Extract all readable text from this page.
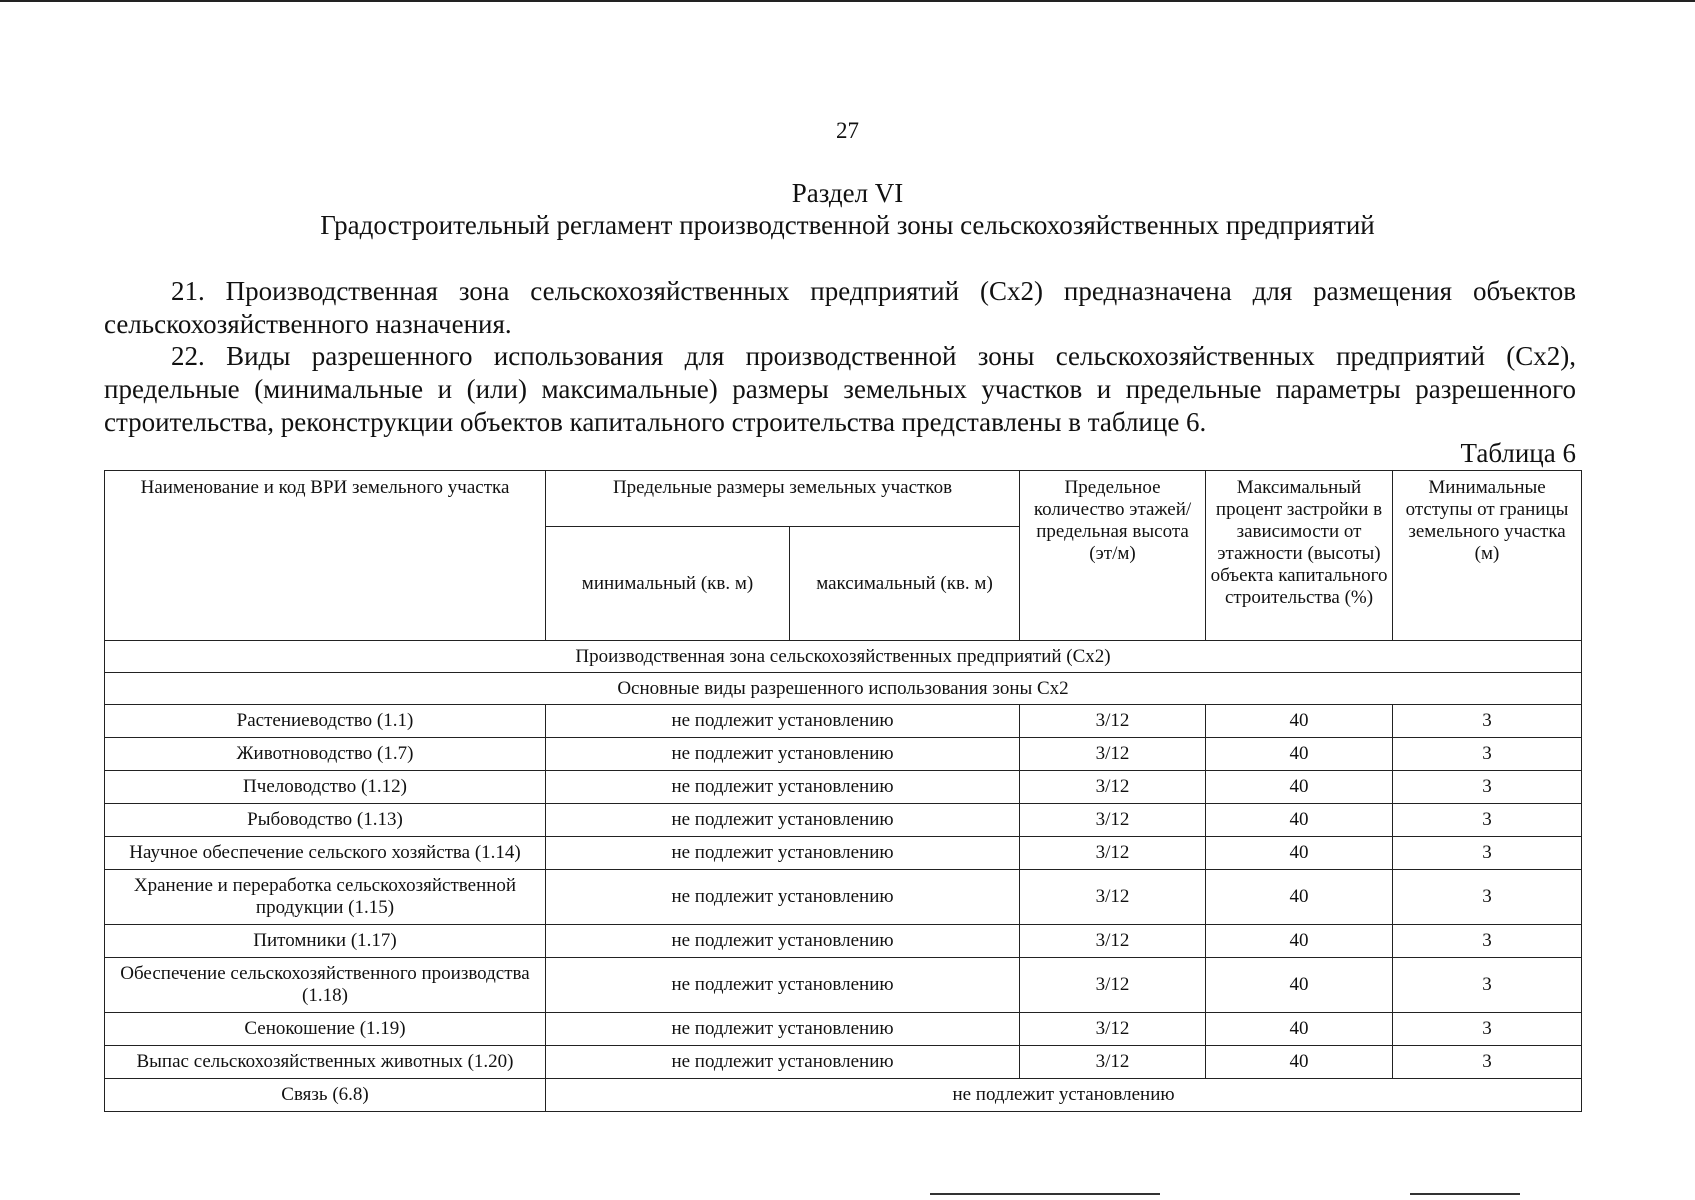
27
Раздел VI
Градостроительный регламент производственной зоны сельскохозяйственных предприятий
21. Производственная зона сельскохозяйственных предприятий (Сх2) предназначена для размещения объектов сельскохозяйственного назначения.
22. Виды разрешенного использования для производственной зоны сельскохозяйственных предприятий (Сх2), предельные (минимальные и (или) максимальные) размеры земельных участков и предельные параметры разрешенного строительства, реконструкции объектов капитального строительства представлены в таблице 6.
Таблица 6
Наименование и код ВРИ земельного участка	Предельные размеры земельных участков		Предельное количество этажей/ предельная высота (эт/м)	Максимальный процент застройки в зависимости от этажности (высоты) объекта капитального строительства (%)	Минимальные отступы от границы земельного участка (м)
	минимальный (кв. м)	максимальный (кв. м)			
Производственная зона сельскохозяйственных предприятий (Сх2)					
Основные виды разрешенного использования зоны Сх2					
Растениеводство (1.1)	не подлежит установлению		3/12	40	3
Животноводство (1.7)	не подлежит установлению		3/12	40	3
Пчеловодство (1.12)	не подлежит установлению		3/12	40	3
Рыбоводство (1.13)	не подлежит установлению		3/12	40	3
Научное обеспечение сельского хозяйства (1.14)	не подлежит установлению		3/12	40	3
Хранение и переработка сельскохозяйственной продукции (1.15)	не подлежит установлению		3/12	40	3
Питомники (1.17)	не подлежит установлению		3/12	40	3
Обеспечение сельскохозяйственного производства (1.18)	не подлежит установлению		3/12	40	3
Сенокошение (1.19)	не подлежит установлению		3/12	40	3
Выпас сельскохозяйственных животных (1.20)	не подлежит установлению		3/12	40	3
Связь (6.8)	не подлежит установлению				
